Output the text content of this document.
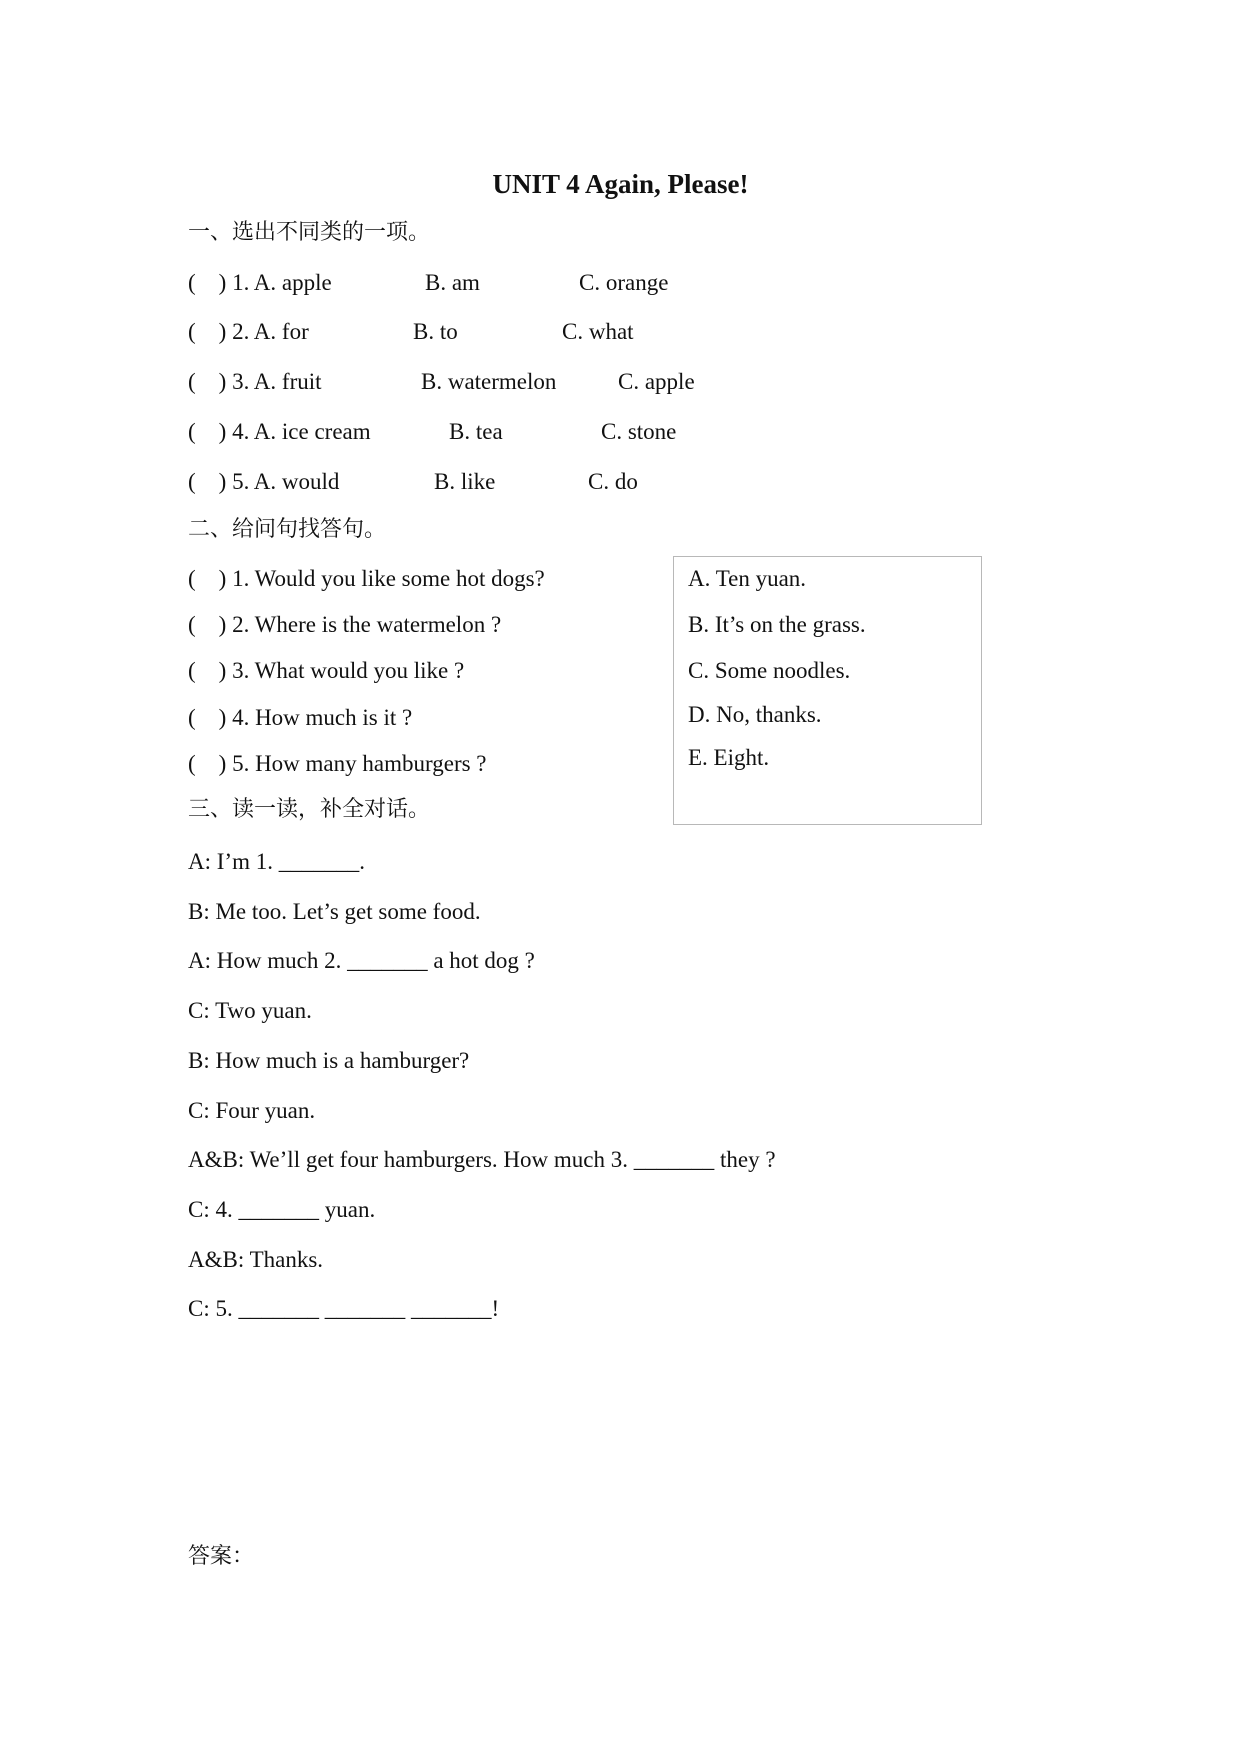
UNIT 4 Again, Please!
一、选出不同类的一项。
(    ) 1. A. apple	B. am	C. orange
(    ) 2. A. for	B. to	C. what
(    ) 3. A. fruit	B. watermelon	C. apple
(    ) 4. A. ice cream	B. tea	C. stone
(    ) 5. A. would	B. like	C. do
二、给问句找答句。
(    ) 1. Would you like some hot dogs?
(    ) 2. Where is the watermelon ?
(    ) 3. What would you like ?
(    ) 4. How much is it ?
(    ) 5. How many hamburgers ?
A. Ten yuan.
B. It’s on the grass.
C. Some noodles.
D. No, thanks.
E. Eight.
三、读一读，补全对话。
A: I’m 1. _______.
B: Me too. Let’s get some food.
A: How much 2. _______ a hot dog ?
C: Two yuan.
B: How much is a hamburger?
C: Four yuan.
A&B: We’ll get four hamburgers. How much 3. _______ they ?
C: 4. _______ yuan.
A&B: Thanks.
C: 5. _______ _______ _______!
答案：
